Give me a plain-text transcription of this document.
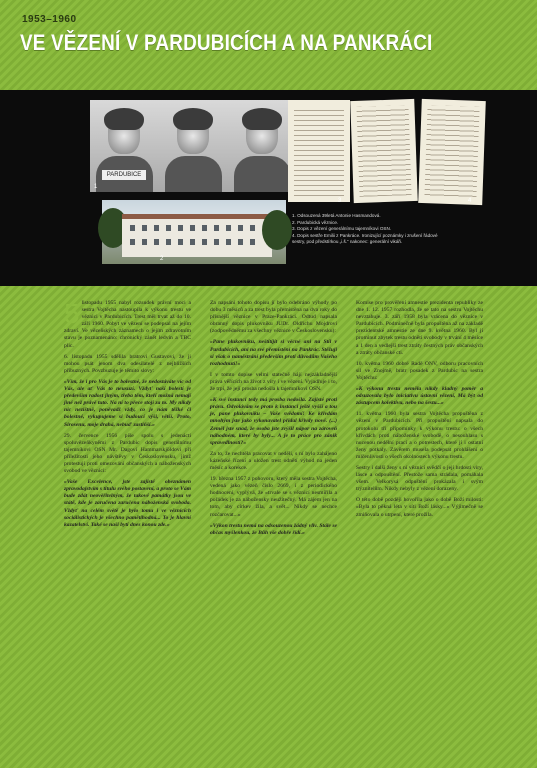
1953–1960
VE VĚZENÍ V PARDUBICÍCH A NA PANKRÁCI
PARDUBICE
1
2
3	4
1. Odsouzená 39letá Antonie Hasmandová.
2. Pardubická věznice.
3. Dopis z vězení generálnímu tajemníkovi OSN.
4. Dopis sestře Emilii z Pankráce. Ironizující poznámky i zrušení řádové
sestry, pod předstírkou „i.š.“ nakonec: generální vikáři.

5 listopadu 1955 nabyl rozsudek právní moci a sestra Vojtěcha nastoupila k výkonu trestu ve věznici v Pardubicích. Trest měl trvat až do 10. září 1960. Pobyt ve vězení se podepsal na jejím zdraví. Ve vězeňských záznamech o jejím zdravotním stavu je poznamenáno: chronický zánět ledvin a TBC plic.

6. listopadu 1955 sdělila bratrovi Gustavovi, že ji mohou psát jenom dva odesílatelé z nejbližších příbuzných. Povzbuzuje je těmito slovy:

»Vím, že i pro Vás je to bolestné, že nedostáváte víc od Vás, ale ať Vás to neusuzí. Vždyť naší bolestí je především radost jiným, třeba těm, kteří možná nemají jiné než právě tuto. Na ní to přece stojí za to. My nikdy nic nezištně, poněvadž vždy, co je nám těžké či bolestné, vykupujeme si budoucí výši, větší. Proto, Sirosenu, moje drahá, nebuď zastiňší.«

29. července 1956 píše spolu s jedenácti spoluvězeňkyněmi z Pardubic dopis generálnímu tajemníkovi OSN Mr. Dagoví Hammarskjöldovi při příležitosti jeho návštěvy v Československu, jímž protestují proti omezování občanských a náboženských svobod ve věznici:

»Vaše Excelence, jste zajisté obeznámen zpravodajstvím s titulu svého postavení, a proto se Vám bude zdát neověřitelným, že takové památky jsou ve státě, kde je zaručena zaručena náboženská svoboda. Vždyť na celém světě je bylo tomu i ve věznicích sociálistických je všechno pamětihodná... To je hlavní kazatelství. Také se naši bytí dnes konou zde.«

Za napsání tohoto dopisu jí bylo odebráno výhody po dobu 3 měsíců a za trest byla přemístěna na dva roky do přísnější věznice v Praze-Pankráci. Odtud napsala obranný dopis plukovníku JUDr. Oldřichu Mojdrovi (zodpovědnému za všechny věznice v Československu):

»Pane plukovníku, neštítíjít si věcné ani na Stíl v Pardubicích, ani na své přemístění na Pankrác. Stěžuji si však o naměstrání především proti důvodům Vašeho rozhodnutí!«

I v tomto dopise velmi statečně hájí nejzákladnější práva věřících na život z víry i ve vězení. Vyjadřuje i to, že trpí, že její prosba nedošla k tajemníkovi OSN.

»K své instanci tedy má prosba nedošla. Zajisté proti právu. Odvolávám se proto k instanci ještě vyšší a tou je, pane plukovníku – Vaše svědomí! Ke křivdám mnohým jste jako vykonavatel přidal křivdy nové. (...) Zeměl jste snad, že osoba jste zvýšil nápor na zároveň náhodném, které by byly... A je to práce pro zánik spravedlnosti?«

Za to, že nechtěla pracovat v neděli, s ní bylo zahájeno kázeňské řízení a uložen trest odnětí výhod na jeden měsíc a korekce.

19. března 1957 z pohovoru, který měla sestra Vojtěcha, vedená jako vězeň číslo 2669, i z periodického hodnocení, vyplývá, že »trvale se s věznicí nesmířila a pořádek je za nábožensky neužitečný. Má zájem jen na tom, aby církev žila, a svět... Nikdy se nechce rozčarovat...«

»Výkon trestu nemá na odsouzenou žádný vliv. Stále se občas myšlenkou, že Bůh vše dobře řídí.«

Komise pro prověření amnestie prezidenta republiky ze dne 1. 12. 1957 rozhodla, že se tato na sestru Vojtěchu nevztahuje. 3. září 1958 byla vrácena do věznice v Pardubicích. Podmínečně byla propuštěna až na základě prezidentské amnestie ze dne 9. května 1960. Byl jí prominut zbytek trestu odnětí svobody v trvání 4 měsíce a 1 den a vedlejší trest ztráty čestných práv občanských a ztráty občanské cti.

10. května 1960 dobré Radě ONV, odboru pracovních sil ve Znojmě, bratr posadek z Pardubic na sestra Vojtěchu:

»K výkonu trestu neměla nikdy kladný poměr a odsuzovala bylo iniciativu ústavní vězení, Má být od zástupcem kolektivu, nebo na šestu...«

11. května 1960 byla sestra Vojtěcha propuštěna z vězení v Pardubicích. Při propuštění napsala do protokolu tři připomínky k výkonu trestu: o všech křivdách proti náboženské svobodě, o nesouhlasu s nucenou nedělní prací a o potrestech, které jí i ostatní ženy potkaly. Závěrem musela podepsat prohlášení o mlčenlivosti o všech okolnostech výkonu trestu.

Sestry i další ženy s ní věznicí svědčí o její hrdosti víry, lásce a odpouštění. Přestože sama strádala, pomáhala všem. Velkorysá odpuštění prokázala i svým trýznitelům. Nikdy nebyly z vězení dorazeny.

O této době později hovořila jako o době Boží milosti: »Byla to pěkná léta v síti Boží lásky...« Výjimečně se zmiňovala o utrpení, které prožila.
